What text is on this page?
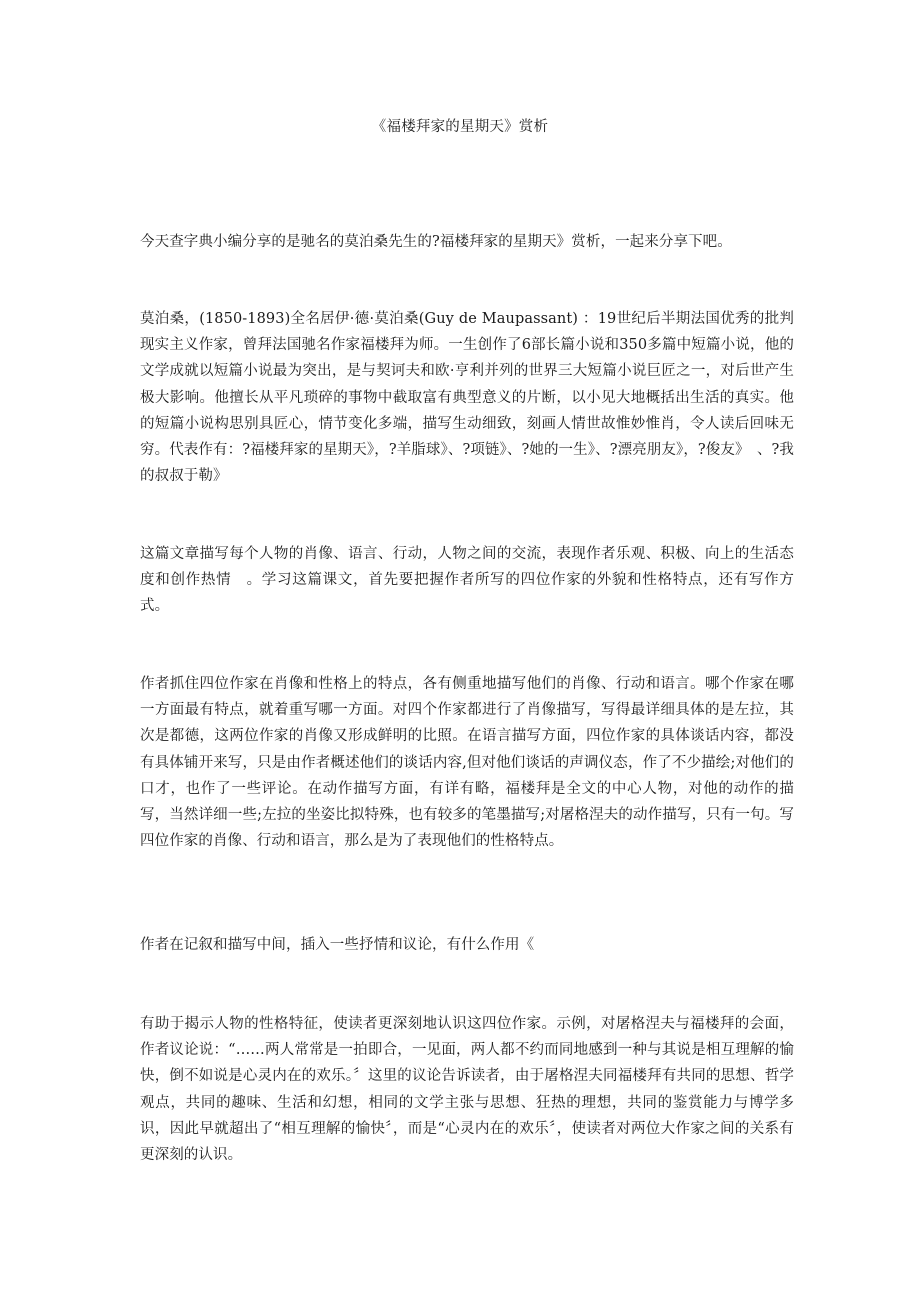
《福楼拜家的星期天》赏析

今天查字典小编分享的是驰名的莫泊桑先生的?福楼拜家的星期天》赏析，一起来分享下吧。

莫泊桑，(1850-1893)全名居伊·德·莫泊桑(Guy de Maupassant) ：19世纪后半期法国优秀的批判现实主义作家，曾拜法国驰名作家福楼拜为师。一生创作了6部长篇小说和350多篇中短篇小说，他的文学成就以短篇小说最为突出，是与契诃夫和欧·亨利并列的世界三大短篇小说巨匠之一，对后世产生极大影响。他擅长从平凡琐碎的事物中截取富有典型意义的片断，以小见大地概括出生活的真实。他的短篇小说构思别具匠心，情节变化多端，描写生动细致，刻画人情世故惟妙惟肖，令人读后回味无穷。代表作有：?福楼拜家的星期天》，?羊脂球》、?项链》、?她的一生》、?漂亮朋友》，?俊友》　、?我的叔叔于勒》

这篇文章描写每个人物的肖像、语言、行动，人物之间的交流，表现作者乐观、积极、向上的生活态度和创作热情　。学习这篇课文，首先要把握作者所写的四位作家的外貌和性格特点，还有写作方式。

作者抓住四位作家在肖像和性格上的特点，各有侧重地描写他们的肖像、行动和语言。哪个作家在哪一方面最有特点，就着重写哪一方面。对四个作家都进行了肖像描写，写得最详细具体的是左拉，其次是都德，这两位作家的肖像又形成鲜明的比照。在语言描写方面，四位作家的具体谈话内容，都没有具体铺开来写，只是由作者概述他们的谈话内容,但对他们谈话的声调仪态，作了不少描绘;对他们的口才，也作了一些评论。在动作描写方面，有详有略，福楼拜是全文的中心人物，对他的动作的描写，当然详细一些;左拉的坐姿比拟特殊，也有较多的笔墨描写;对屠格涅夫的动作描写，只有一句。写四位作家的肖像、行动和语言，那么是为了表现他们的性格特点。

作者在记叙和描写中间，插入一些抒情和议论，有什么作用《

有助于揭示人物的性格特征，使读者更深刻地认识这四位作家。示例，对屠格涅夫与福楼拜的会面，作者议论说：“……两人常常是一拍即合，一见面，两人都不约而同地感到一种与其说是相互理解的愉快，倒不如说是心灵内在的欢乐。〞这里的议论告诉读者，由于屠格涅夫同福楼拜有共同的思想、哲学观点，共同的趣味、生活和幻想，相同的文学主张与思想、狂热的理想，共同的鉴赏能力与博学多识，因此早就超出了“相互理解的愉快〞，而是“心灵内在的欢乐〞，使读者对两位大作家之间的关系有更深刻的认识。
